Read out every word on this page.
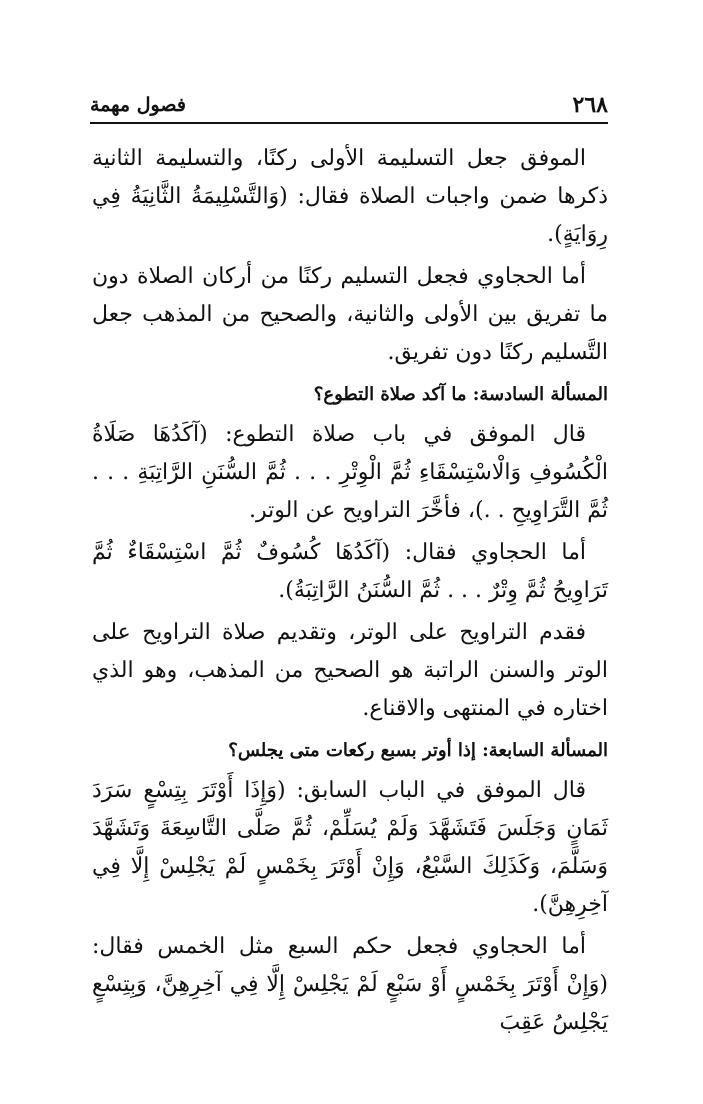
٢٦٨
فصول مهمة

الموفق جعل التسليمة الأولى ركنًا، والتسليمة الثانية ذكرها ضمن واجبات الصلاة فقال: (وَالتَّسْلِيمَةُ الثَّانِيَةُ فِي رِوَايَةٍ).

أما الحجاوي فجعل التسليم ركنًا من أركان الصلاة دون ما تفريق بين الأولى والثانية، والصحيح من المذهب جعل التَّسليم ركنًا دون تفريق.

المسألة السادسة: ما آكد صلاة التطوع؟

قال الموفق في باب صلاة التطوع: (آكَدُهَا صَلَاةُ الْكُسُوفِ وَالْاسْتِسْقَاءِ ثُمَّ الْوِتْرِ . . . ثُمَّ السُّنَنِ الرَّاتِبَةِ . . . ثُمَّ التَّرَاوِيحِ . .)، فأخَّرَ التراويح عن الوتر.

أما الحجاوي فقال: (آكَدُهَا كُسُوفٌ ثُمَّ اسْتِسْقَاءٌ ثُمَّ تَرَاوِيحُ ثُمَّ وِتْرٌ . . . ثُمَّ السُّنَنُ الرَّاتِبَةُ).

فقدم التراويح على الوتر، وتقديم صلاة التراويح على الوتر والسنن الراتبة هو الصحيح من المذهب، وهو الذي اختاره في المنتهى والاقناع.

المسألة السابعة: إذا أوتر بسبع ركعات متى يجلس؟

قال الموفق في الباب السابق: (وَإِذَا أَوْتَرَ بِتِسْعٍ سَرَدَ ثَمَانٍ وَجَلَسَ فَتَشَهَّدَ وَلَمْ يُسَلِّمْ، ثُمَّ صَلَّى التَّاسِعَةَ وَتَشَهَّدَ وَسَلَّمَ، وَكَذَلِكَ السَّبْعُ، وَإِنْ أَوْتَرَ بِخَمْسٍ لَمْ يَجْلِسْ إِلَّا فِي آخِرِهِنَّ).

أما الحجاوي فجعل حكم السبع مثل الخمس فقال: (وَإِنْ أَوْتَرَ بِخَمْسٍ أَوْ سَبْعٍ لَمْ يَجْلِسْ إِلَّا فِي آخِرِهِنَّ، وَبِتِسْعٍ يَجْلِسُ عَقِبَ
